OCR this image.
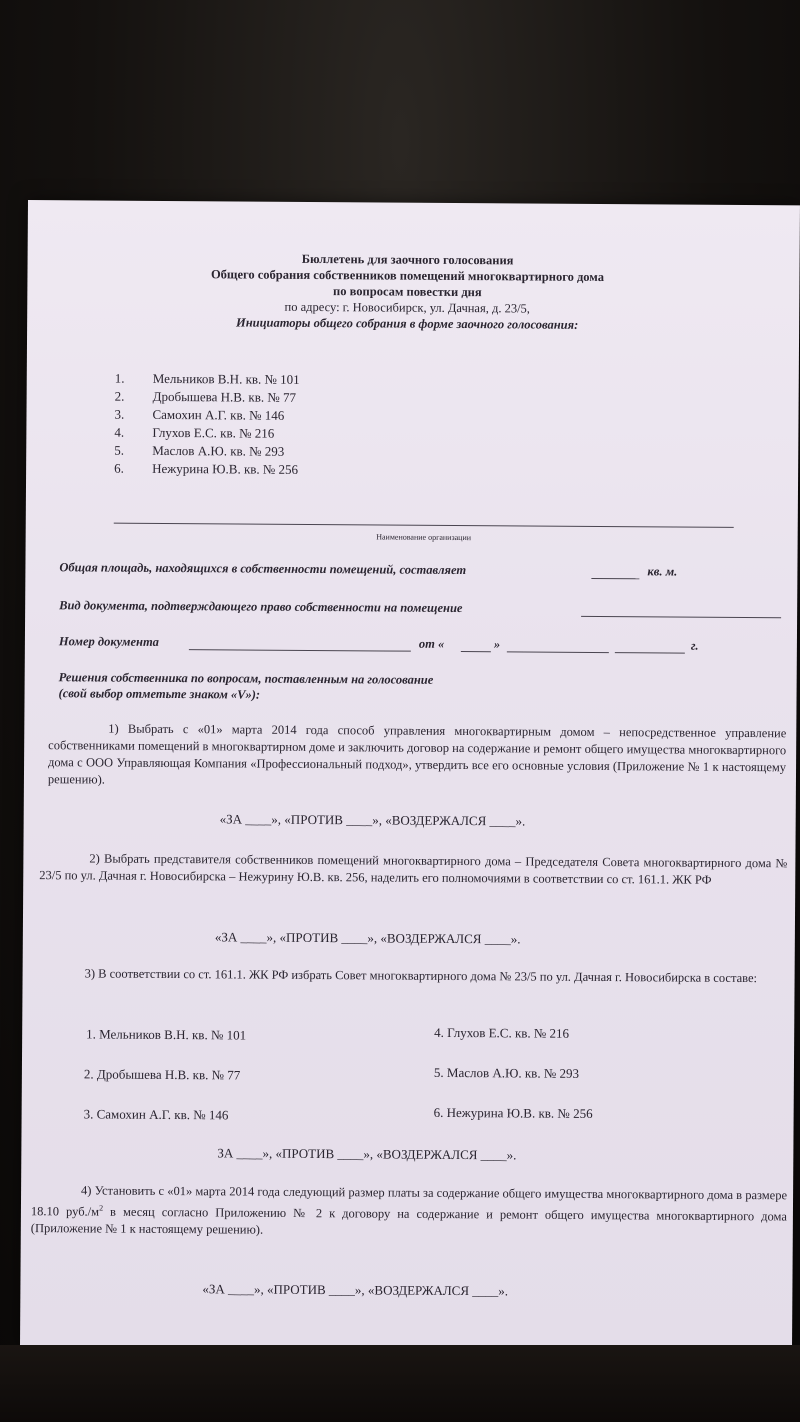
Бюллетень для заочного голосования
Общего собрания собственников помещений многоквартирного дома
по вопросам повестки дня
по адресу: г. Новосибирск, ул. Дачная, д. 23/5,
Инициаторы общего собрания в форме заочного голосования:
1. Мельников В.Н. кв. № 101
2. Дробышева Н.В. кв. № 77
3. Самохин А.Г. кв. № 146
4. Глухов Е.С. кв. № 216
5. Маслов А.Ю. кв. № 293
6. Нежурина Ю.В. кв. № 256
Наименование организации
Общая площадь, находящихся в собственности помещений, составляет	кв. м.
Вид документа, подтверждающего право собственности на помещение
Номер документа	от «	»	г.
Решения собственника по вопросам, поставленным на голосование
(свой выбор отметьте знаком «V»):
1) Выбрать с «01» марта 2014 года способ управления многоквартирным домом – непосредственное управление собственниками помещений в многоквартирном доме и заключить договор на содержание и ремонт общего имущества многоквартирного дома с ООО Управляющая Компания «Профессиональный подход», утвердить все его основные условия (Приложение № 1 к настоящему решению).
«ЗА ____», «ПРОТИВ ____», «ВОЗДЕРЖАЛСЯ ____».
2) Выбрать представителя собственников помещений многоквартирного дома – Председателя Совета многоквартирного дома № 23/5 по ул. Дачная г. Новосибирска – Нежурину Ю.В. кв. 256, наделить его полномочиями в соответствии со ст. 161.1. ЖК РФ
«ЗА ____», «ПРОТИВ ____», «ВОЗДЕРЖАЛСЯ ____».
3) В соответствии со ст. 161.1. ЖК РФ избрать Совет многоквартирного дома № 23/5 по ул. Дачная г. Новосибирска в составе:
1. Мельников В.Н. кв. № 101
2. Дробышева Н.В. кв. № 77
3. Самохин А.Г. кв. № 146
4. Глухов Е.С. кв. № 216
5. Маслов А.Ю. кв. № 293
6. Нежурина Ю.В. кв. № 256
ЗА ____», «ПРОТИВ ____», «ВОЗДЕРЖАЛСЯ ____».
4) Установить с «01» марта 2014 года следующий размер платы за содержание общего имущества многоквартирного дома в размере 18.10 $руб./м^2$ в месяц согласно Приложению № 2 к договору на содержание и ремонт общего имущества многоквартирного дома (Приложение № 1 к настоящему решению).
«ЗА ____», «ПРОТИВ ____», «ВОЗДЕРЖАЛСЯ ____».
